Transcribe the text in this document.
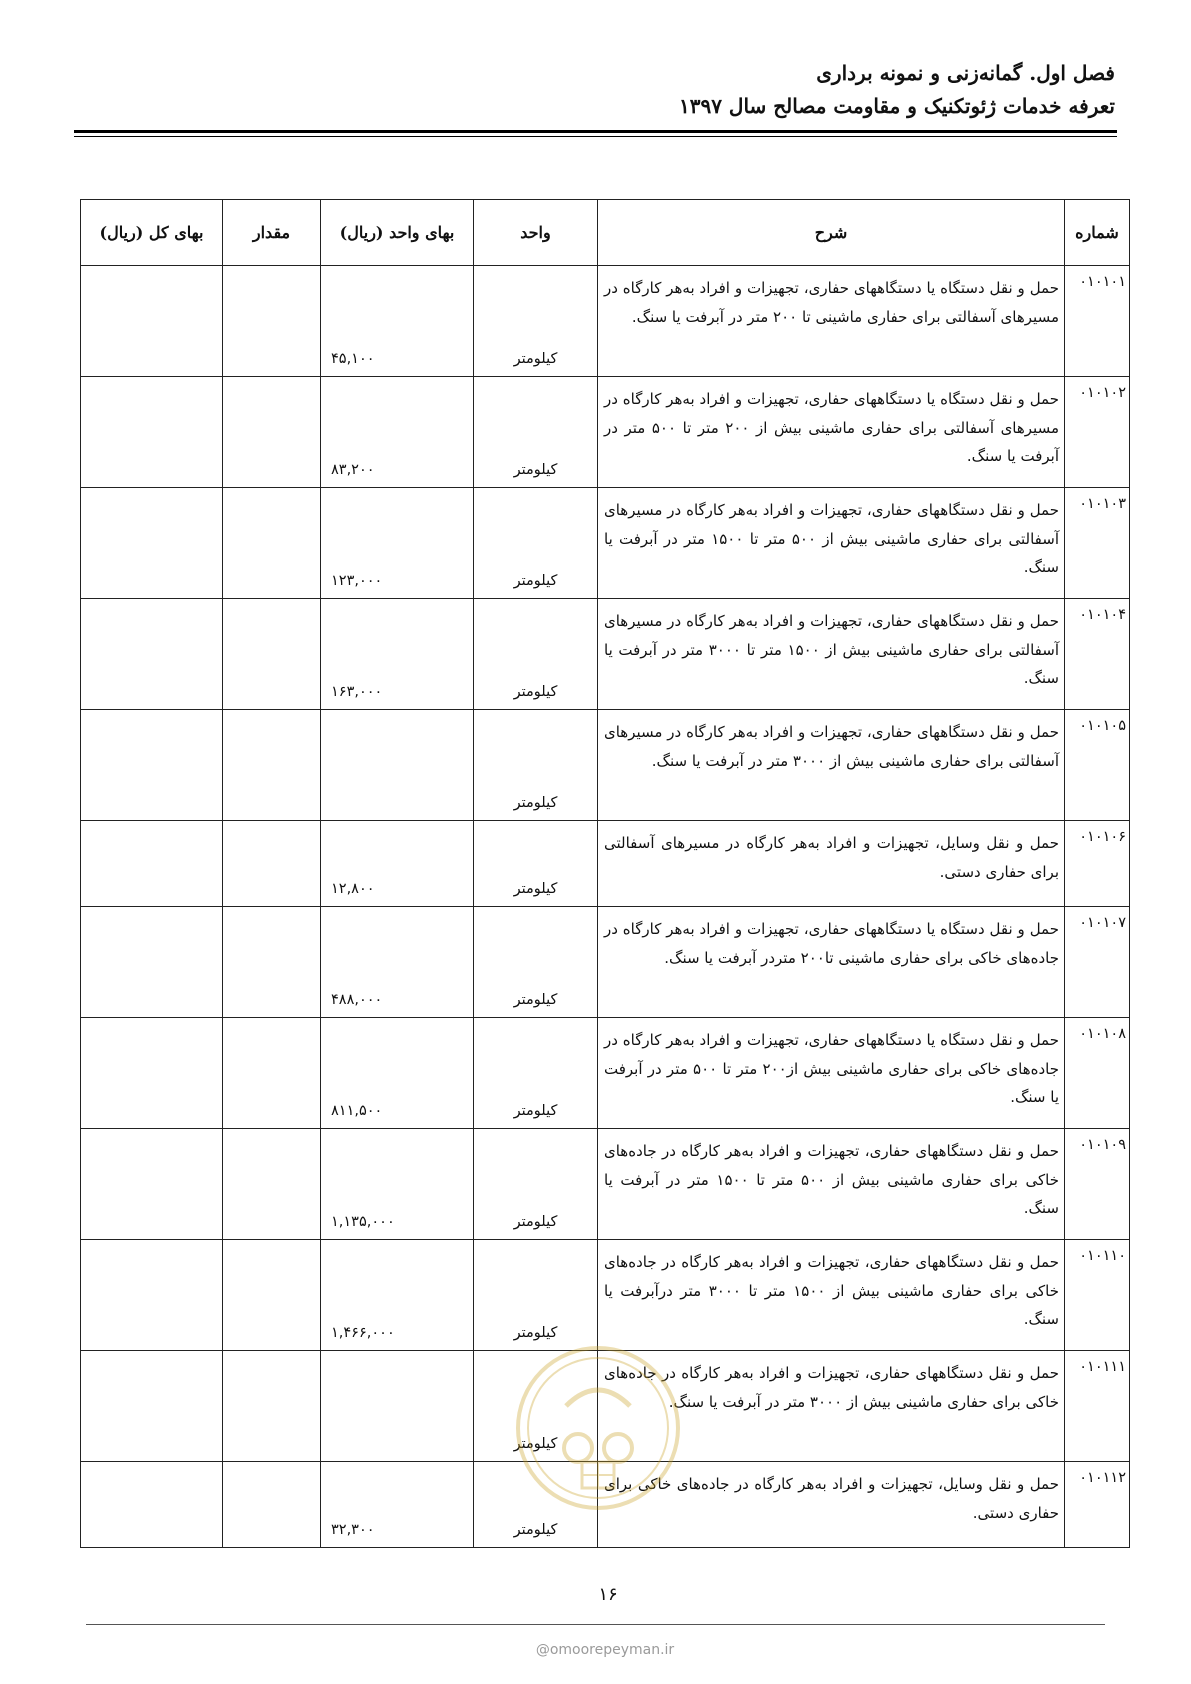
فصل اول. گمانه‌زنی و نمونه برداری
تعرفه خدمات ژئوتکنیک و مقاومت مصالح سال ۱۳۹۷
شماره	شرح	واحد	بهای واحد (ریال)	مقدار	بهای کل (ریال)
۰۱۰۱۰۱	حمل و نقل دستگاه یا دستگاههای حفاری، تجهیزات و افراد به‌هر کارگاه در مسیرهای آسفالتی برای حفاری ماشینی تا ۲۰۰ متر در آبرفت یا سنگ.	کیلومتر	۴۵,۱۰۰		
۰۱۰۱۰۲	حمل و نقل دستگاه یا دستگاههای حفاری، تجهیزات و افراد به‌هر کارگاه در مسیرهای آسفالتی برای حفاری ماشینی بیش از ۲۰۰ متر تا ۵۰۰ متر در آبرفت یا سنگ.	کیلومتر	۸۳,۲۰۰		
۰۱۰۱۰۳	حمل و نقل دستگاههای حفاری، تجهیزات و افراد به‌هر کارگاه در مسیرهای آسفالتی برای حفاری ماشینی بیش از ۵۰۰ متر تا ۱۵۰۰ متر در آبرفت یا سنگ.	کیلومتر	۱۲۳,۰۰۰		
۰۱۰۱۰۴	حمل و نقل دستگاههای حفاری، تجهیزات و افراد به‌هر کارگاه در مسیرهای آسفالتی برای حفاری ماشینی بیش از ۱۵۰۰ متر تا ۳۰۰۰ متر در آبرفت یا سنگ.	کیلومتر	۱۶۳,۰۰۰		
۰۱۰۱۰۵	حمل و نقل دستگاههای حفاری، تجهیزات و افراد به‌هر کارگاه در مسیرهای آسفالتی برای حفاری ماشینی بیش از ۳۰۰۰ متر در آبرفت یا سنگ.	کیلومتر			
۰۱۰۱۰۶	حمل و نقل وسایل، تجهیزات و افراد به‌هر کارگاه در مسیرهای آسفالتی برای حفاری دستی.	کیلومتر	۱۲,۸۰۰		
۰۱۰۱۰۷	حمل و نقل دستگاه یا دستگاههای حفاری، تجهیزات و افراد به‌هر کارگاه در جاده‌های خاکی برای حفاری ماشینی تا۲۰۰ متردر آبرفت یا سنگ.	کیلومتر	۴۸۸,۰۰۰		
۰۱۰۱۰۸	حمل و نقل دستگاه یا دستگاههای حفاری، تجهیزات و افراد به‌هر کارگاه در جاده‌های خاکی برای حفاری ماشینی بیش از۲۰۰ متر تا ۵۰۰ متر در آبرفت یا سنگ.	کیلومتر	۸۱۱,۵۰۰		
۰۱۰۱۰۹	حمل و نقل دستگاههای حفاری، تجهیزات و افراد به‌هر کارگاه در جاده‌های خاکی برای حفاری ماشینی بیش از ۵۰۰ متر تا ۱۵۰۰ متر در آبرفت یا سنگ.	کیلومتر	۱,۱۳۵,۰۰۰		
۰۱۰۱۱۰	حمل و نقل دستگاههای حفاری، تجهیزات و افراد به‌هر کارگاه در جاده‌های خاکی برای حفاری ماشینی بیش از ۱۵۰۰ متر تا ۳۰۰۰ متر درآبرفت یا سنگ.	کیلومتر	۱,۴۶۶,۰۰۰		
۰۱۰۱۱۱	حمل و نقل دستگاههای حفاری، تجهیزات و افراد به‌هر کارگاه در جاده‌های خاکی برای حفاری ماشینی بیش از ۳۰۰۰ متر در آبرفت یا سنگ.	کیلومتر			
۰۱۰۱۱۲	حمل و نقل وسایل، تجهیزات و افراد به‌هر کارگاه در جاده‌های خاکی برای حفاری دستی.	کیلومتر	۳۲,۳۰۰		
۱۶
@omoorepeyman.ir
